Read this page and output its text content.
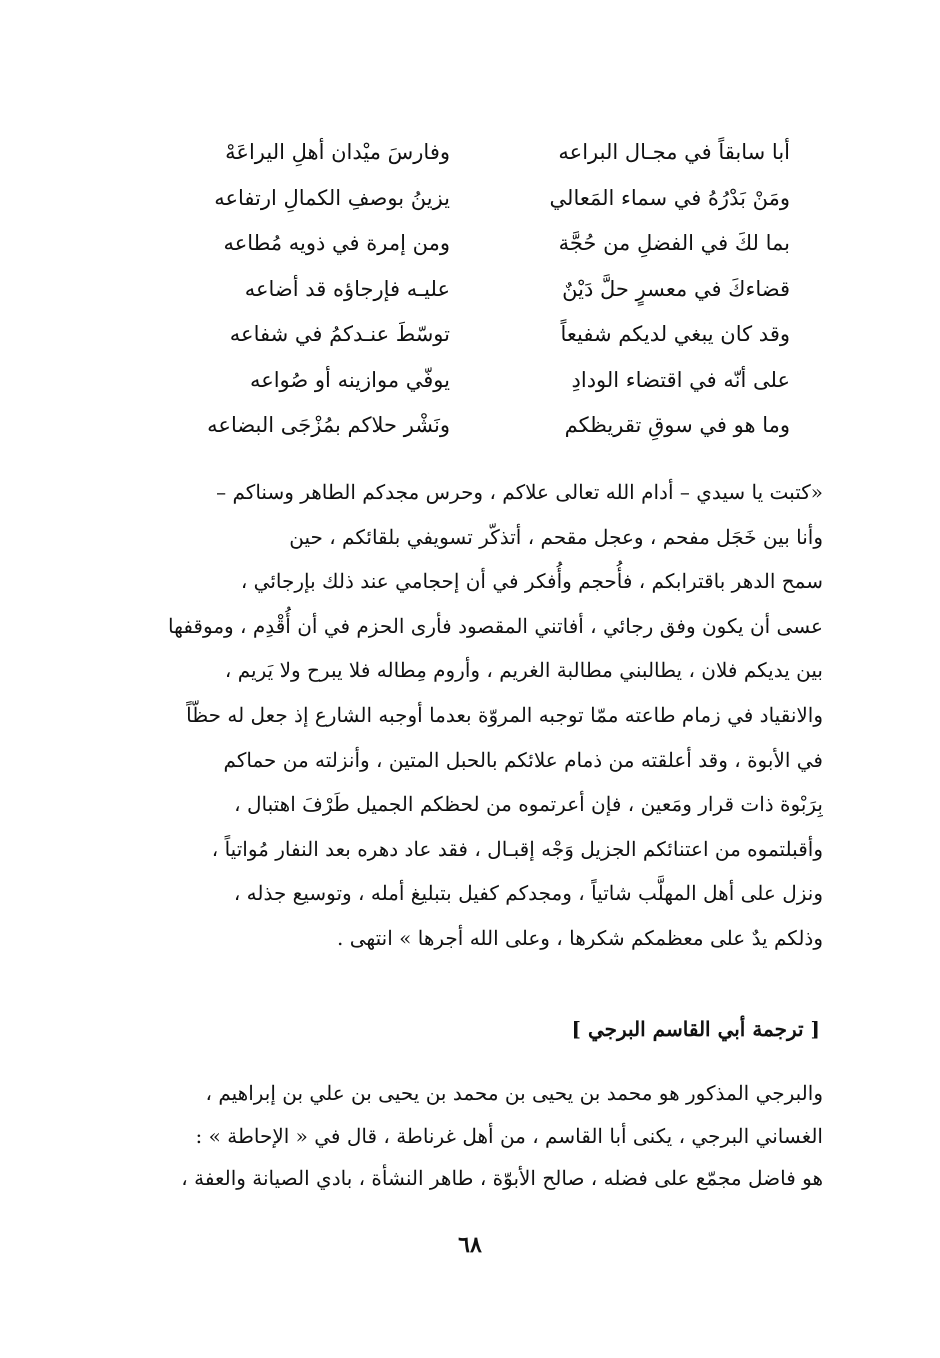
أبا سابقاً في مجـال البراعه
وفارسَ ميْدان أهلِ اليراعَهْ
ومَنْ بَدْرُهُ في سماء المَعالي
يزينُ بوصفِ الكمالِ ارتفاعه
بما لكَ في الفضلِ من حُجَّة
ومن إمرة في ذويه مُطاعه
قضاءكَ في معسرٍ حلَّ دَيْنٌ
عليـه فإرجاؤه قد أضاعه
وقد كان يبغي لديكم شفيعاً
توسّطَ عنـدكمُ في شفاعه
على أنّه في اقتضاء الودادِ
يوفّي موازينه أو صُواعه
وما هو في سوقِ تقريظكم
ونَشْر حلاكم بمُزْجَى البضاعه
«كتبت يا سيدي – أدام الله تعالى علاكم ، وحرس مجدكم الطاهر وسناكم –
وأنا بين خَجَل مفحم ، وعجل مقحم ، أتذكّر تسويفي بلقائكم ، حين
سمح الدهر باقترابكم ، فأُحجم وأُفكر في أن إحجامي عند ذلك بإرجائي ،
عسى أن يكون وفق رجائي ، أفاتني المقصود فأرى الحزم في أن أُقْدِم ، وموقفها
بين يديكم فلان ، يطالبني مطالبة الغريم ، وأروم مِطاله فلا يبرح ولا يَريم ،
والانقياد في زمام طاعته ممّا توجبه المروّة بعدما أوجبه الشارع إذ جعل له حظّاً
في الأبوة ، وقد أعلقته من ذمام علائكم بالحبل المتين ، وأنزلته من حماكم
بِرَبْوة ذات قرار ومَعين ، فإن أعرتموه من لحظكم الجميل طَرْفَ اهتبال ،
وأقبلتموه من اعتنائكم الجزيل وَجْه إقبـال ، فقد عاد دهره بعد النفار مُواتياً ،
ونزل على أهل المهلَّب شاتياً ، ومجدكم كفيل بتبليغ أمله ، وتوسيع جذله ،
وذلكم يدٌ على معظمكم شكرها ، وعلى الله أجرها » انتهى .
[ ترجمة أبي القاسم البرجي ]
والبرجي المذكور هو محمد بن يحيى بن محمد بن يحيى بن علي بن إبراهيم ،
الغساني البرجي ، يكنى أبا القاسم ، من أهل غرناطة ، قال في « الإحاطة » :
هو فاضل مجمّع على فضله ، صالح الأبوّة ، طاهر النشأة ، بادي الصيانة والعفة ،
٦٨
